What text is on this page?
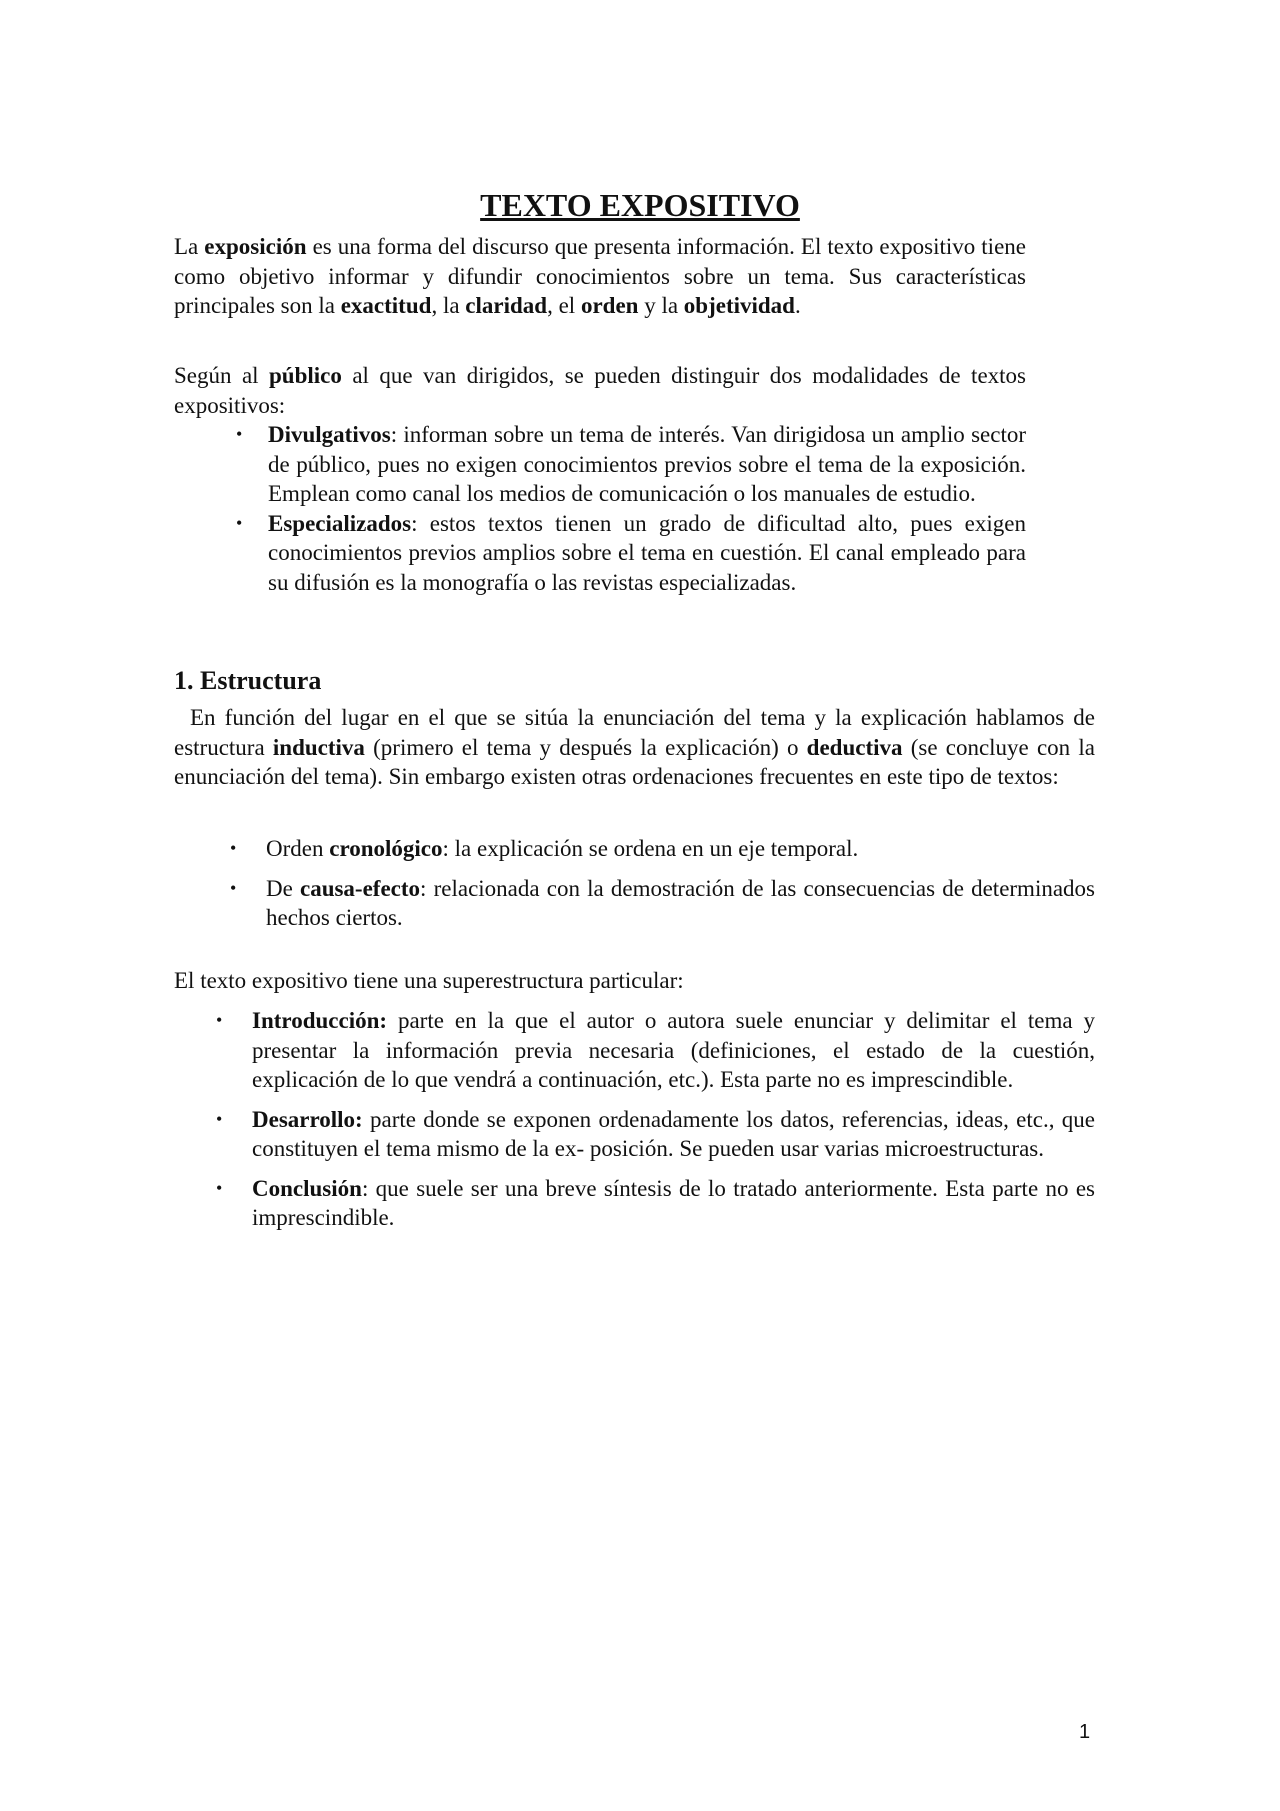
TEXTO EXPOSITIVO

La exposición es una forma del discurso que presenta información. El texto expositivo tiene como objetivo informar y difundir conocimientos sobre un tema. Sus características principales son la exactitud, la claridad, el orden y la objetividad.

Según al público al que van dirigidos, se pueden distinguir dos modalidades de textos expositivos:

• Divulgativos: informan sobre un tema de interés. Van dirigidosa un amplio sector de público, pues no exigen conocimientos previos sobre el tema de la exposición. Emplean como canal los medios de comunicación o los manuales de estudio.
• Especializados: estos textos tienen un grado de dificultad alto, pues exigen conocimientos previos amplios sobre el tema en cuestión. El canal empleado para su difusión es la monografía o las revistas especializadas.
1. Estructura

En función del lugar en el que se sitúa la enunciación del tema y la explicación hablamos de estructura inductiva (primero el tema y después la explicación) o deductiva (se concluye con la enunciación del tema). Sin embargo existen otras ordenaciones frecuentes en este tipo de textos:

• Orden cronológico: la explicación se ordena en un eje temporal.
• De causa-efecto: relacionada con la demostración de las consecuencias de determinados hechos ciertos.

El texto expositivo tiene una superestructura particular:

• Introducción: parte en la que el autor o autora suele enunciar y delimitar el tema y presentar la información previa necesaria (definiciones, el estado de la cuestión, explicación de lo que vendrá a continuación, etc.). Esta parte no es imprescindible.
• Desarrollo: parte donde se exponen ordenadamente los datos, referencias, ideas, etc., que constituyen el tema mismo de la ex- posición. Se pueden usar varias microestructuras.
• Conclusión: que suele ser una breve síntesis de lo tratado anteriormente. Esta parte no es imprescindible.
1
